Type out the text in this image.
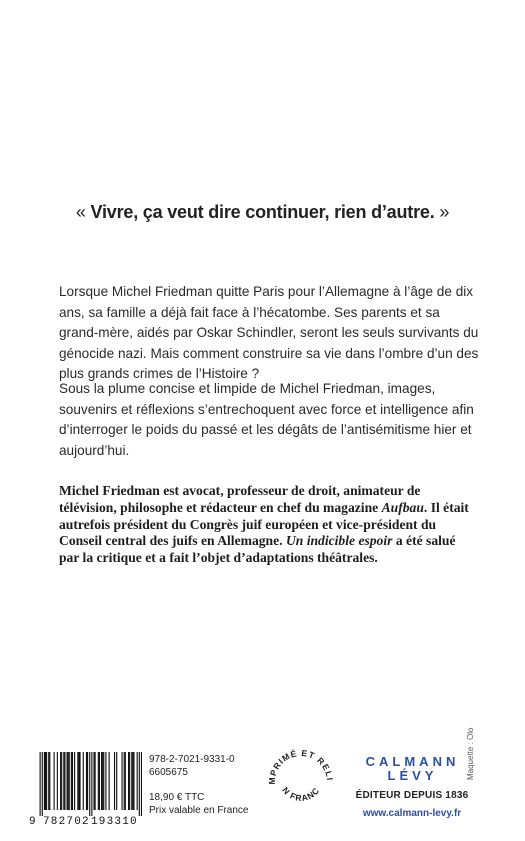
« Vivre, ça veut dire continuer, rien d’autre. »
Lorsque Michel Friedman quitte Paris pour l’Allemagne à l’âge de dix ans, sa famille a déjà fait face à l’hécatombe. Ses parents et sa grand-mère, aidés par Oskar Schindler, seront les seuls survivants du génocide nazi. Mais comment construire sa vie dans l’ombre d’un des plus grands crimes de l’Histoire ?
Sous la plume concise et limpide de Michel Friedman, images, souvenirs et réflexions s’entrechoquent avec force et intelligence afin d’interroger le poids du passé et les dégâts de l’antisémitisme hier et aujourd’hui.
Michel Friedman est avocat, professeur de droit, animateur de télévision, philosophe et rédacteur en chef du magazine Aufbau. Il était autrefois président du Congrès juif européen et vice-président du Conseil central des juifs en Allemagne. Un indicible espoir a été salué par la critique et a fait l’objet d’adaptations théâtrales.
9 782702 193310
978-2-7021-9331-0
6605675
18,90 € TTC
Prix valable en France
MPRIMÉ ET RELI
N FRANC
CALMANN
LÉVY
ÉDITEUR DEPUIS 1836
www.calmann-levy.fr
Maquette : Olo
